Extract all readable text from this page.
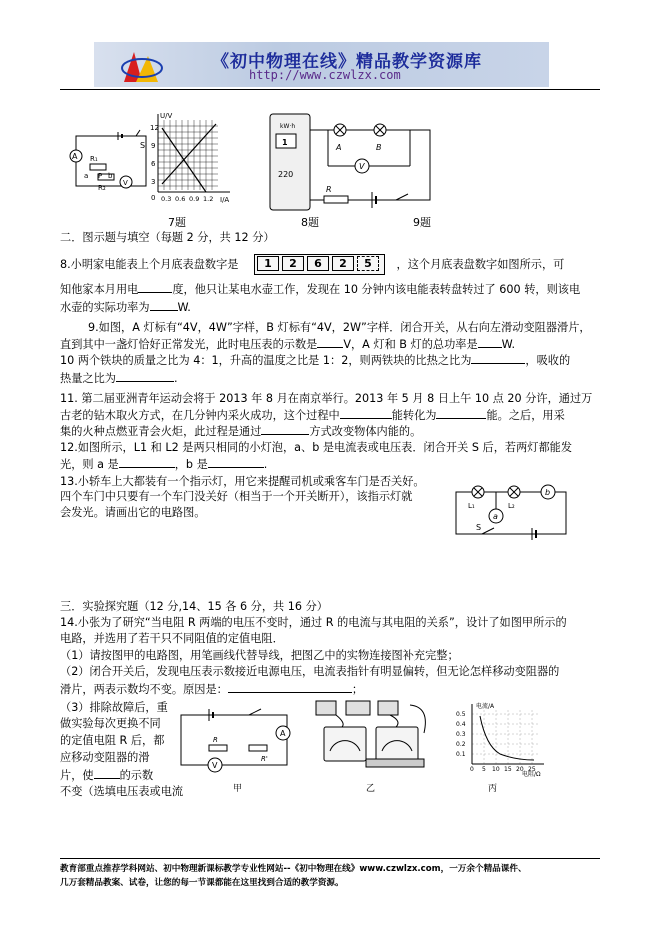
《初中物理在线》精品教学资源库
http://www.czwlzx.com
S
A R₁
R₂
V
a	b
P
U/V
I/A
12
9
6
3
0 0.3 0.6 0.9 1.2
kW·h
1
220
A	B
V
R
7题	8题	9题
二．图示题与填空（每题 2 分，共 12 分）
8.小明家电能表上个月底表盘数字是	，这个月底表盘数字如图所示，可
1 2 6 2 5
知他家本月用电	度，他只让某电水壶工作，发现在 10 分钟内该电能表转盘转过了 600 转，则该电
水壶的实际功率为	W.
9.如图，A 灯标有“4V，4W”字样，B 灯标有“4V，2W”字样．闭合开关，从右向左滑动变阻器滑片，
直到其中一盏灯恰好正常发光，此时电压表的示数是 V，A 灯和 B 灯的总功率是 W.
10 两个铁块的质量之比为 4：1，升高的温度之比是 1：2，则两铁块的比热之比为	，吸收的
热量之比为	.
11. 第二届亚洲青年运动会将于 2013 年 8 月在南京举行。2013 年 5 月 8 日上午 10 点 20 分许，通过万
古老的钻木取火方式，在几分钟内采火成功，这个过程中	能转化为	能。之后，用采
集的火种点燃亚青会火炬，此过程是通过	方式改变物体内能的。
12.如图所示，L1 和 L2 是两只相同的小灯泡，a、b 是电流表或电压表．闭合开关 S 后，若两灯都能发
光，则 a 是	，b 是	.
13.小轿车上大都装有一个指示灯，用它来提醒司机或乘客车门是否关好。
四个车门中只要有一个车门没关好（相当于一个开关断开），该指示灯就
会发光。请画出它的电路图。
b
L₁	L₂
a
S
三．实验探究题（12 分,14、15 各 6 分，共 16 分）
14.小张为了研究“当电阻 R 两端的电压不变时，通过 R 的电流与其电阻的关系”，设计了如图甲所示的
电路，并选用了若干只不同阻值的定值电阻．
（1）请按图甲的电路图，用笔画线代替导线，把图乙中的实物连接图补充完整；
（2）闭合开关后，发现电压表示数接近电源电压，电流表指针有明显偏转，但无论怎样移动变阻器的
滑片，两表示数均不变。原因是：	；
（3）排除故障后，重
做实验每次更换不同
的定值电阻 R 后，都
应移动变阻器的滑
片，使 的示数
不变（选填电压表或电流
A
R
R'
V
甲	乙
电流/A
电阻/Ω
0.5
0.4
0.3
0.2
0.1
0 5 10 15 20 25
丙
教育部重点推荐学科网站、初中物理新课标教学专业性网站--《初中物理在线》www.czwlzx.com，一万余个精品课件、
几万套精品教案、试卷，让您的每一节课都能在这里找到合适的教学资源。
